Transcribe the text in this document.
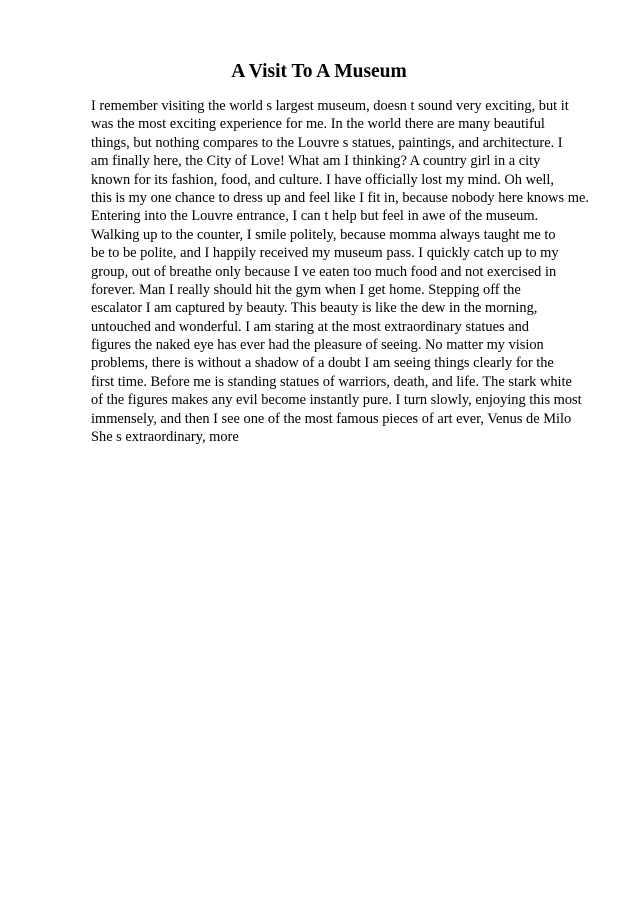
A Visit To A Museum
I remember visiting the world s largest museum, doesn t sound very exciting, but it
was the most exciting experience for me. In the world there are many beautiful
things, but nothing compares to the Louvre s statues, paintings, and architecture. I
am finally here, the City of Love! What am I thinking? A country girl in a city
known for its fashion, food, and culture. I have officially lost my mind. Oh well,
this is my one chance to dress up and feel like I fit in, because nobody here knows me.
Entering into the Louvre entrance, I can t help but feel in awe of the museum.
Walking up to the counter, I smile politely, because momma always taught me to
be to be polite, and I happily received my museum pass. I quickly catch up to my
group, out of breathe only because I ve eaten too much food and not exercised in
forever. Man I really should hit the gym when I get home. Stepping off the
escalator I am captured by beauty. This beauty is like the dew in the morning,
untouched and wonderful. I am staring at the most extraordinary statues and
figures the naked eye has ever had the pleasure of seeing. No matter my vision
problems, there is without a shadow of a doubt I am seeing things clearly for the
first time. Before me is standing statues of warriors, death, and life. The stark white
of the figures makes any evil become instantly pure. I turn slowly, enjoying this most
immensely, and then I see one of the most famous pieces of art ever, Venus de Milo
She s extraordinary, more
